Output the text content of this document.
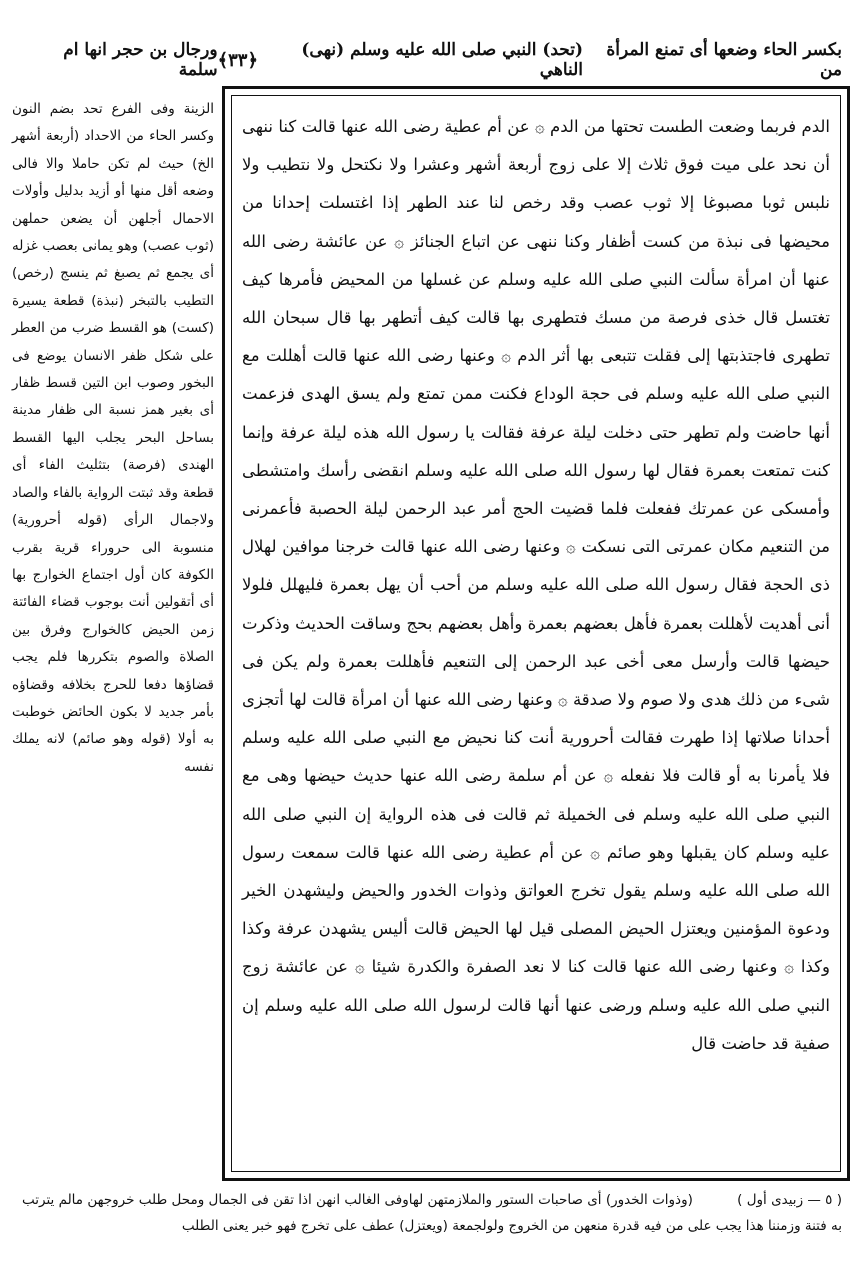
بكسر الحاء وضعها أى تمنع المرأة من
(تحد) النبي صلى الله عليه وسلم (نهى) الناهي
﴿٣٣﴾
ورجال بن حجر انها ام سلمة

الدم فربما وضعت الطست تحتها من الدم ۞ عن أم عطية رضى الله عنها قالت كنا ننهى أن نحد على ميت فوق ثلاث إلا على زوج أربعة أشهر وعشرا ولا نكتحل ولا نتطيب ولا نلبس ثوبا مصبوغا إلا ثوب عصب وقد رخص لنا عند الطهر إذا اغتسلت إحدانا من محيضها فى نبذة من كست أظفار وكنا ننهى عن اتباع الجنائز ۞ عن عائشة رضى الله عنها أن امرأة سألت النبي صلى الله عليه وسلم عن غسلها من المحيض فأمرها كيف تغتسل قال خذى فرصة من مسك فتطهرى بها قالت كيف أتطهر بها قال سبحان الله تطهرى فاجتذبتها إلى فقلت تتبعى بها أثر الدم ۞ وعنها رضى الله عنها قالت أهللت مع النبي صلى الله عليه وسلم فى حجة الوداع فكنت ممن تمتع ولم يسق الهدى فزعمت أنها حاضت ولم تطهر حتى دخلت ليلة عرفة فقالت يا رسول الله هذه ليلة عرفة وإنما كنت تمتعت بعمرة فقال لها رسول الله صلى الله عليه وسلم انقضى رأسك وامتشطى وأمسكى عن عمرتك ففعلت فلما قضيت الحج أمر عبد الرحمن ليلة الحصبة فأعمرنى من التنعيم مكان عمرتى التى نسكت ۞ وعنها رضى الله عنها قالت خرجنا موافين لهلال ذى الحجة فقال رسول الله صلى الله عليه وسلم من أحب أن يهل بعمرة فليهلل فلولا أنى أهديت لأهللت بعمرة فأهل بعضهم بعمرة وأهل بعضهم بحج وساقت الحديث وذكرت حيضها قالت وأرسل معى أخى عبد الرحمن إلى التنعيم فأهللت بعمرة ولم يكن فى شىء من ذلك هدى ولا صوم ولا صدقة ۞ وعنها رضى الله عنها أن امرأة قالت لها أتجزى أحدانا صلاتها إذا طهرت فقالت أحرورية أنت كنا نحيض مع النبي صلى الله عليه وسلم فلا يأمرنا به أو قالت فلا نفعله ۞ عن أم سلمة رضى الله عنها حديث حيضها وهى مع النبي صلى الله عليه وسلم فى الخميلة ثم قالت فى هذه الرواية إن النبي صلى الله عليه وسلم كان يقبلها وهو صائم ۞ عن أم عطية رضى الله عنها قالت سمعت رسول الله صلى الله عليه وسلم يقول تخرج العواتق وذوات الخدور والحيض وليشهدن الخير ودعوة المؤمنين ويعتزل الحيض المصلى قيل لها الحيض قالت أليس يشهدن عرفة وكذا وكذا ۞ وعنها رضى الله عنها قالت كنا لا نعد الصفرة والكدرة شيئا ۞ عن عائشة زوج النبي صلى الله عليه وسلم ورضى عنها أنها قالت لرسول الله صلى الله عليه وسلم إن صفية قد حاضت قال

الزينة وفى الفرع تحد بضم النون وكسر الحاء من الاحداد (أربعة أشهر الخ) حيث لم تكن حاملا والا فالى وضعه أقل منها أو أزيد بدليل وأولات الاحمال أجلهن أن يضعن حملهن (ثوب عصب) وهو يمانى بعصب غزله أى يجمع ثم يصبغ ثم ينسج (رخص) التطيب بالتبخر (نبذة) قطعة يسيرة (كست) هو القسط ضرب من العطر على شكل ظفر الانسان يوضع فى البخور وصوب ابن التين قسط ظفار أى بغير همز نسبة الى ظفار مدينة بساحل البحر يجلب اليها القسط الهندى (فرصة) بتثليث الفاء أى قطعة وقد ثبتت الرواية بالفاء والصاد ولاجمال الرأى (قوله أحرورية) منسوبة الى حروراء قرية بقرب الكوفة كان أول اجتماع الخوارج بها أى أتقولين أنت بوجوب قضاء الفائتة زمن الحيض كالخوارج وفرق بين الصلاة والصوم بتكررها فلم يجب قضاؤها دفعا للحرج بخلافه وقضاؤه بأمر جديد لا بكون الحائض خوطبت به أولا (قوله وهو صائم) لانه يملك نفسه

( ٥ — زبيدى أول ) (وذوات الخدور) أى صاحبات الستور والملازمتهن لهاوفى الغالب انهن اذا تقن فى الجمال ومحل طلب خروجهن مالم يترتب به فتنة وزمننا هذا يجب على من فيه قدرة منعهن من الخروج ولولجمعة (ويعتزل) عطف على تخرج فهو خبر يعنى الطلب
